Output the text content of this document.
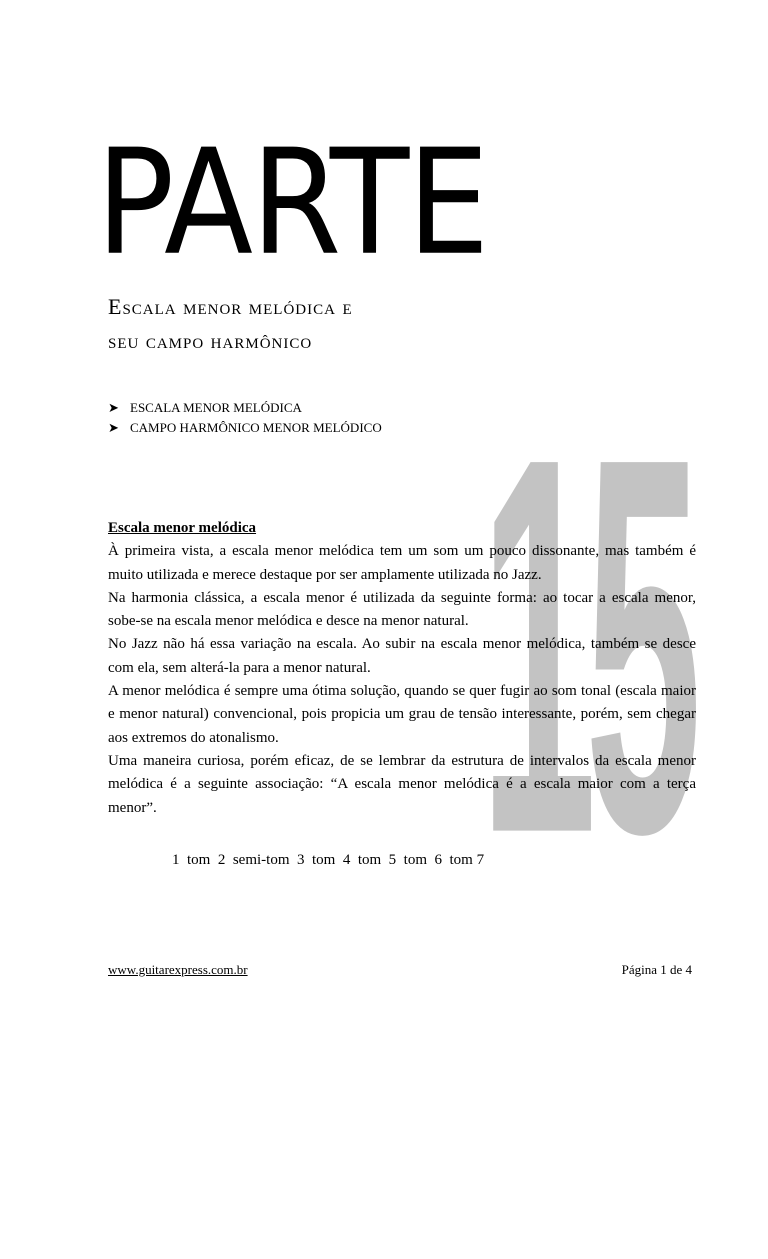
1
5
PARTE
Escala menor melódica e
seu campo harmônico
➤ ESCALA MENOR MELÓDICA
➤ CAMPO HARMÔNICO MENOR MELÓDICO
Escala menor melódica

À primeira vista, a escala menor melódica tem um som um pouco dissonante, mas também é muito utilizada e merece destaque por ser amplamente utilizada no Jazz.

Na harmonia clássica, a escala menor é utilizada da seguinte forma: ao tocar a escala menor, sobe-se na escala menor melódica e desce na menor natural.

No Jazz não há essa variação na escala. Ao subir na escala menor melódica, também se desce com ela, sem alterá-la para a menor natural.

A menor melódica é sempre uma ótima solução, quando se quer fugir ao som tonal (escala maior e menor natural) convencional, pois propicia um grau de tensão interessante, porém, sem chegar aos extremos do atonalismo.

Uma maneira curiosa, porém eficaz, de se lembrar da estrutura de intervalos da escala menor melódica é a seguinte associação: “A escala menor melódica é a escala maior com a terça menor”.

1  tom  2  semi-tom  3  tom  4  tom  5  tom  6  tom 7
www.guitarexpress.com.br	Página 1 de 4
